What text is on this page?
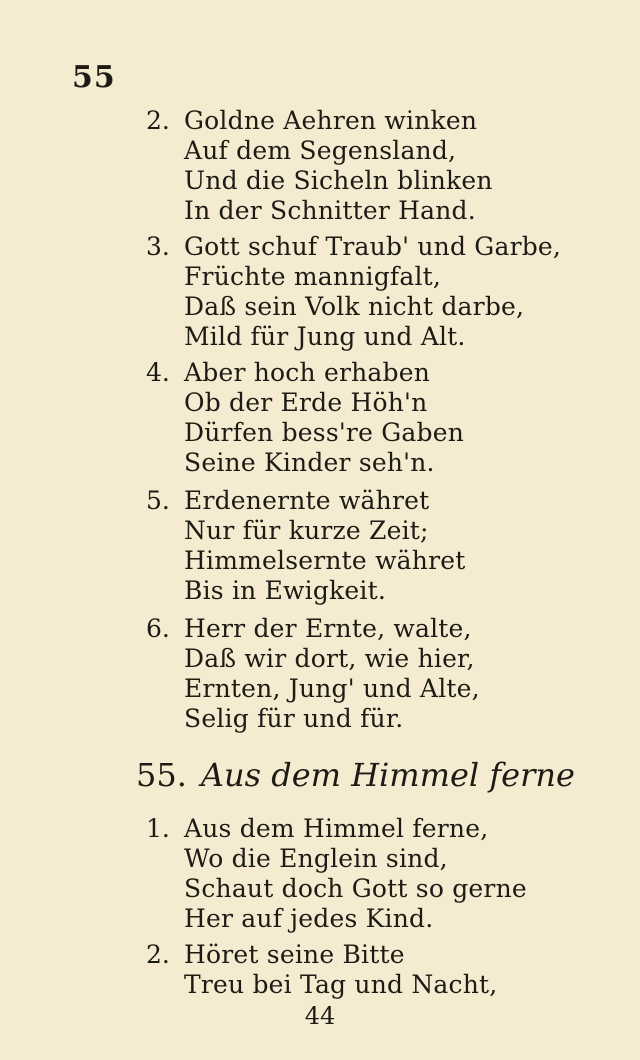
55
2. Goldne Aehren winken
Auf dem Segensland,
Und die Sicheln blinken
In der Schnitter Hand.
3. Gott schuf Traub' und Garbe,
Früchte mannigfalt,
Daß sein Volk nicht darbe,
Mild für Jung und Alt.
4. Aber hoch erhaben
Ob der Erde Höh'n
Dürfen bess're Gaben
Seine Kinder seh'n.
5. Erdenernte währet
Nur für kurze Zeit;
Himmelsernte währet
Bis in Ewigkeit.
6. Herr der Ernte, walte,
Daß wir dort, wie hier,
Ernten, Jung' und Alte,
Selig für und für.
55. Aus dem Himmel ferne
1. Aus dem Himmel ferne,
Wo die Englein sind,
Schaut doch Gott so gerne
Her auf jedes Kind.
2. Höret seine Bitte
Treu bei Tag und Nacht,
44
